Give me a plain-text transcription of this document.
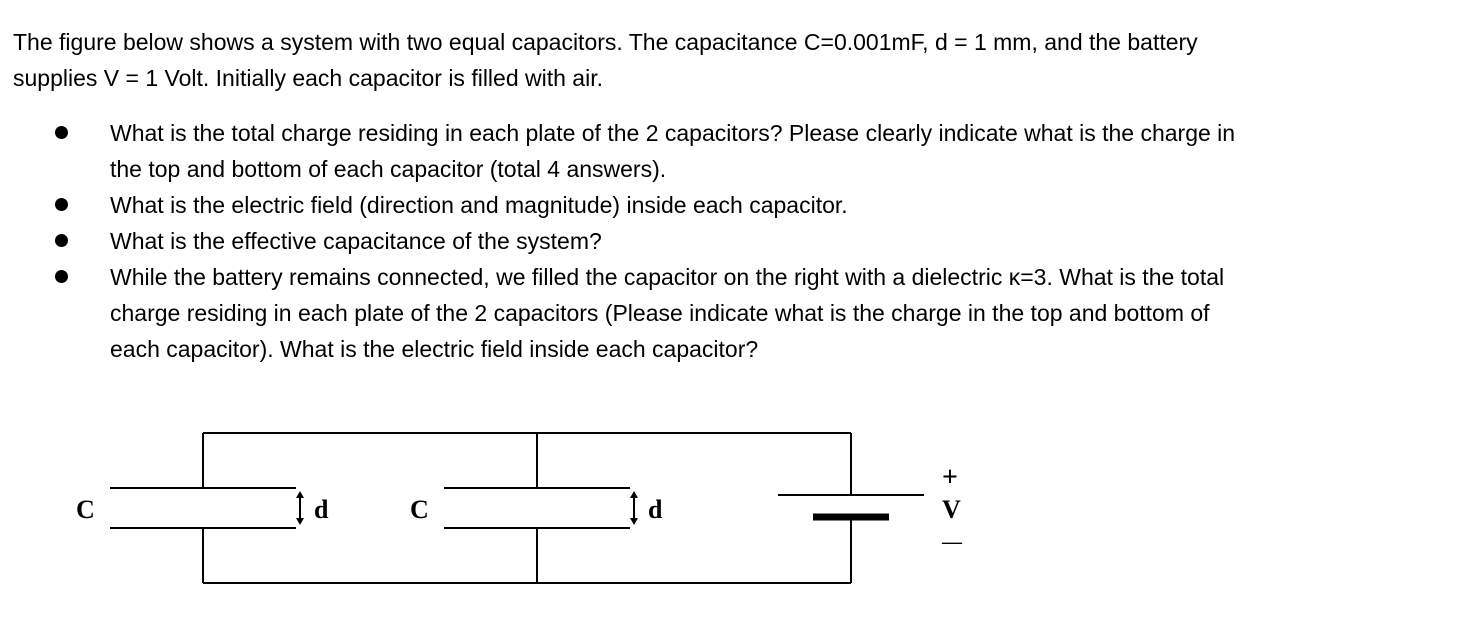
The figure below shows a system with two equal capacitors. The capacitance C=0.001mF, d = 1 mm, and the battery
supplies V = 1 Volt. Initially each capacitor is filled with air.

What is the total charge residing in each plate of the 2 capacitors? Please clearly indicate what is the charge in
the top and bottom of each capacitor (total 4 answers).
What is the electric field (direction and magnitude) inside each capacitor.
What is the effective capacitance of the system?
While the battery remains connected, we filled the capacitor on the right with a dielectric κ=3. What is the total
charge residing in each plate of the 2 capacitors (Please indicate what is the charge in the top and bottom of
each capacitor). What is the electric field inside each capacitor?
C	C
d	d
+
V
—
